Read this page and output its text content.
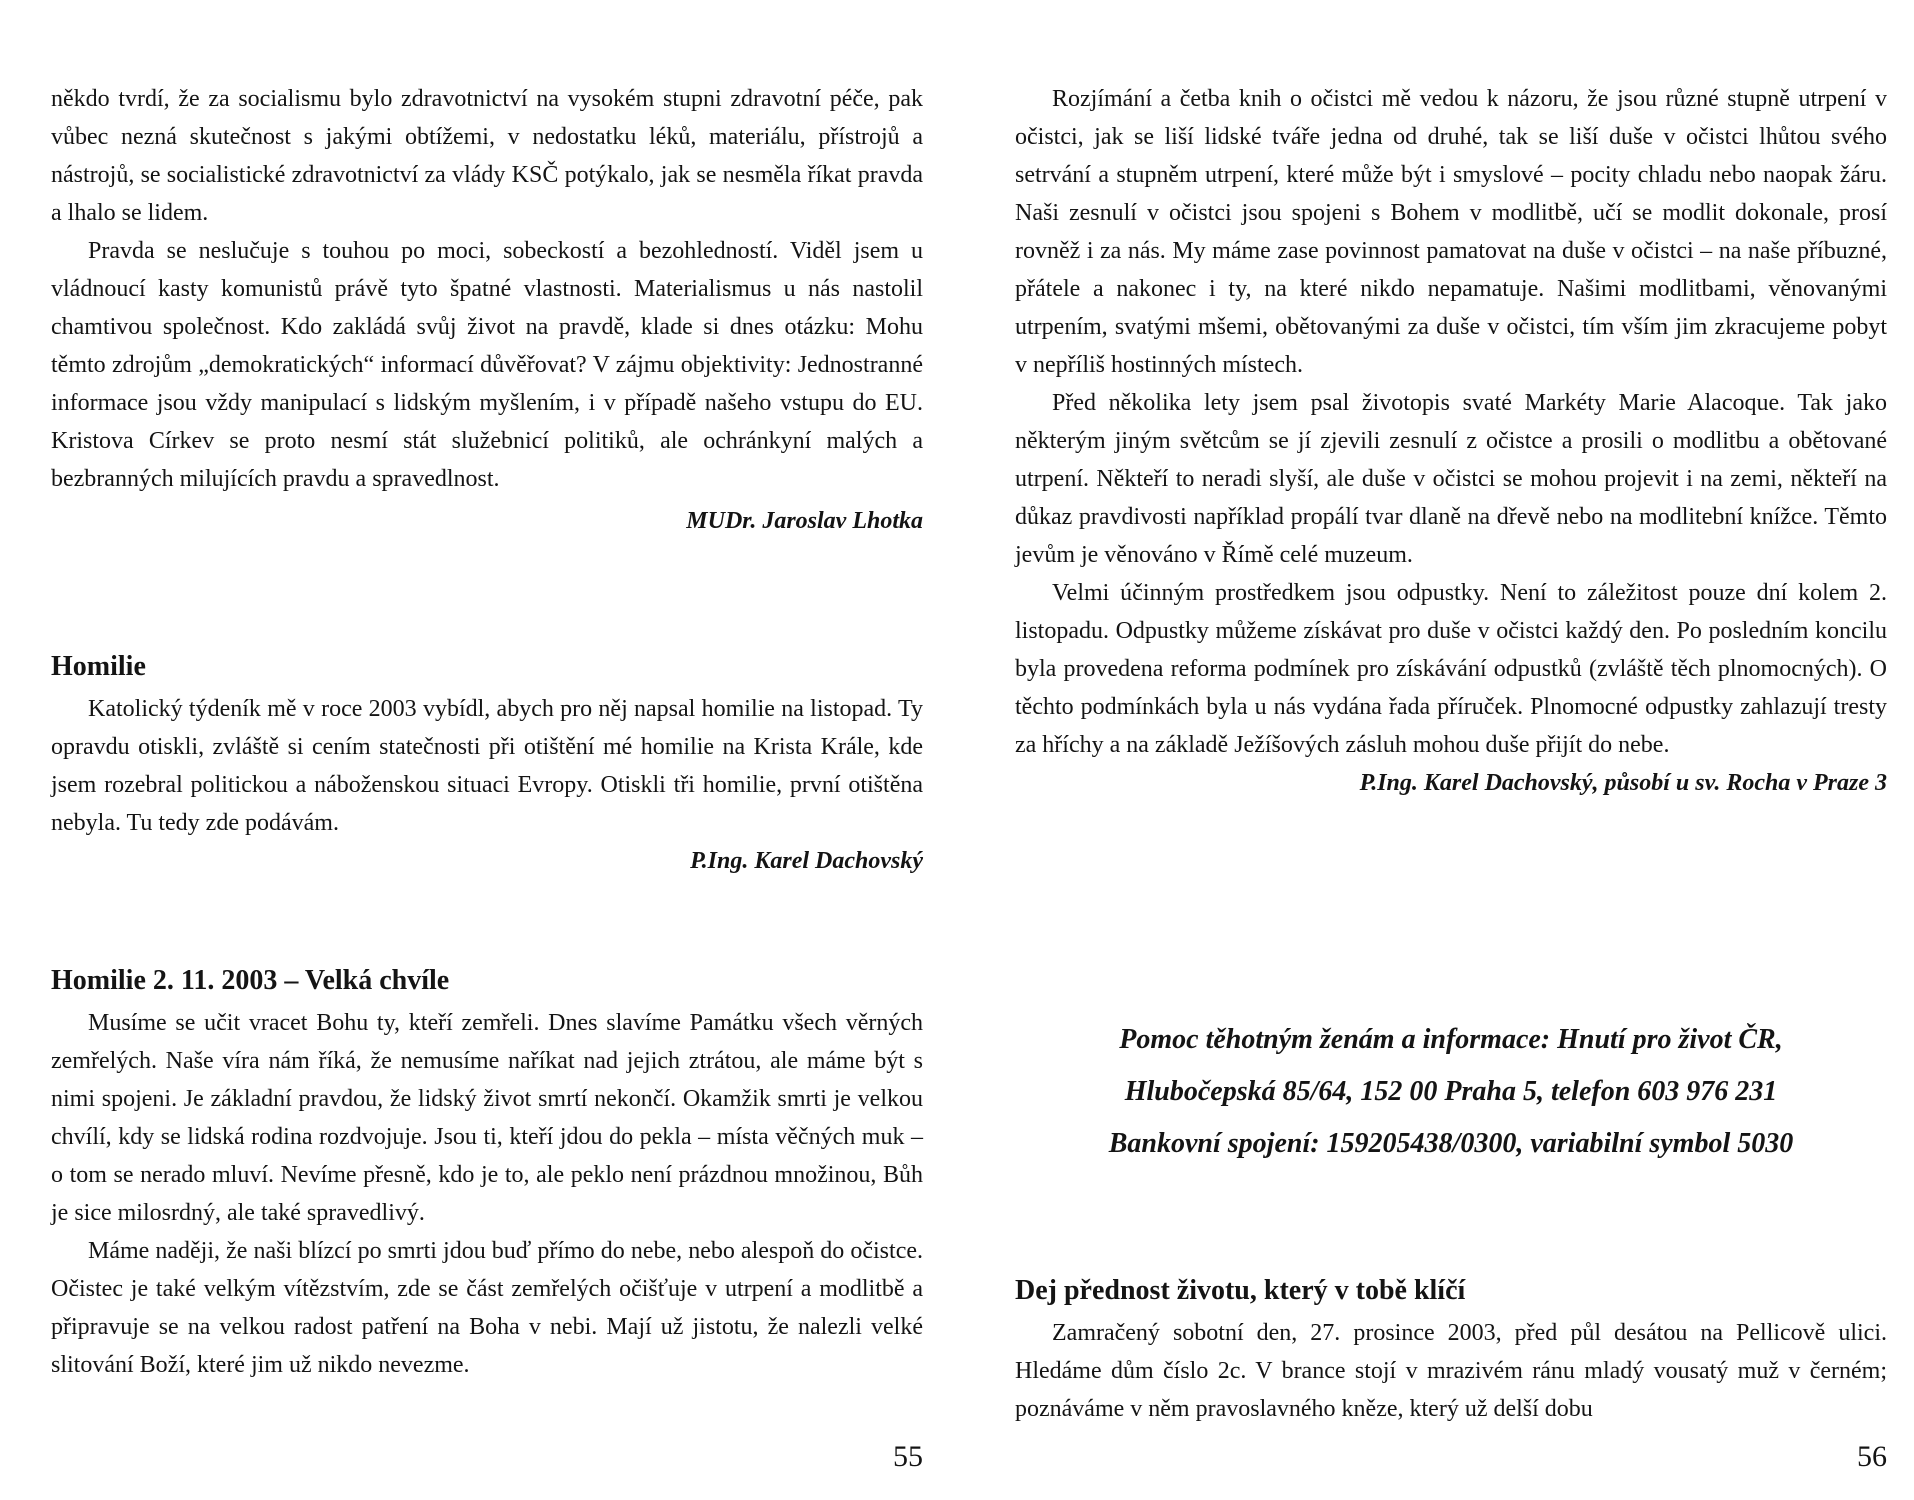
někdo tvrdí, že za socialismu bylo zdravotnictví na vysokém stupni zdravotní péče, pak vůbec nezná skutečnost s jakými obtížemi, v nedostatku léků, materiálu, přístrojů a nástrojů, se socialistické zdravotnictví za vlády KSČ potýkalo, jak se nesměla říkat pravda a lhalo se lidem.

Pravda se neslučuje s touhou po moci, sobeckostí a bezohledností. Viděl jsem u vládnoucí kasty komunistů právě tyto špatné vlastnosti. Materialismus u nás nastolil chamtivou společnost. Kdo zakládá svůj život na pravdě, klade si dnes otázku: Mohu těmto zdrojům „demokratických“ informací důvěřovat? V zájmu objektivity: Jednostranné informace jsou vždy manipulací s lidským myšlením, i v případě našeho vstupu do EU. Kristova Církev se proto nesmí stát služebnicí politiků, ale ochránkyní malých a bezbranných milujících pravdu a spravedlnost.

MUDr. Jaroslav Lhotka
Homilie

Katolický týdeník mě v roce 2003 vybídl, abych pro něj napsal homilie na listopad. Ty opravdu otiskli, zvláště si cením statečnosti při otištění mé homilie na Krista Krále, kde jsem rozebral politickou a náboženskou situaci Evropy. Otiskli tři homilie, první otištěna nebyla. Tu tedy zde podávám.

P.Ing. Karel Dachovský
Homilie 2. 11. 2003 – Velká chvíle

Musíme se učit vracet Bohu ty, kteří zemřeli. Dnes slavíme Památku všech věrných zemřelých. Naše víra nám říká, že nemusíme naříkat nad jejich ztrátou, ale máme být s nimi spojeni. Je základní pravdou, že lidský život smrtí nekončí. Okamžik smrti je velkou chvílí, kdy se lidská rodina rozdvojuje. Jsou ti, kteří jdou do pekla – místa věčných muk – o tom se nerado mluví. Nevíme přesně, kdo je to, ale peklo není prázdnou množinou, Bůh je sice milosrdný, ale také spravedlivý.

Máme naději, že naši blízcí po smrti jdou buď přímo do nebe, nebo alespoň do očistce. Očistec je také velkým vítězstvím, zde se část zemřelých očišťuje v utrpení a modlitbě a připravuje se na velkou radost patření na Boha v nebi. Mají už jistotu, že nalezli velké slitování Boží, které jim už nikdo nevezme.

55

Rozjímání a četba knih o očistci mě vedou k názoru, že jsou různé stupně utrpení v očistci, jak se liší lidské tváře jedna od druhé, tak se liší duše v očistci lhůtou svého setrvání a stupněm utrpení, které může být i smyslové – pocity chladu nebo naopak žáru. Naši zesnulí v očistci jsou spojeni s Bohem v modlitbě, učí se modlit dokonale, prosí rovněž i za nás. My máme zase povinnost pamatovat na duše v očistci – na naše příbuzné, přátele a nakonec i ty, na které nikdo nepamatuje. Našimi modlitbami, věnovanými utrpením, svatými mšemi, obětovanými za duše v očistci, tím vším jim zkracujeme pobyt v nepříliš hostinných místech.

Před několika lety jsem psal životopis svaté Markéty Marie Alacoque. Tak jako některým jiným světcům se jí zjevili zesnulí z očistce a prosili o modlitbu a obětované utrpení. Někteří to neradi slyší, ale duše v očistci se mohou projevit i na zemi, někteří na důkaz pravdivosti například propálí tvar dlaně na dřevě nebo na modlitební knížce. Těmto jevům je věnováno v Římě celé muzeum.

Velmi účinným prostředkem jsou odpustky. Není to záležitost pouze dní kolem 2. listopadu. Odpustky můžeme získávat pro duše v očistci každý den. Po posledním koncilu byla provedena reforma podmínek pro získávání odpustků (zvláště těch plnomocných). O těchto podmínkách byla u nás vydána řada příruček. Plnomocné odpustky zahlazují tresty za hříchy a na základě Ježíšových zásluh mohou duše přijít do nebe.

P.Ing. Karel Dachovský, působí u sv. Rocha v Praze 3
Pomoc těhotným ženám a informace: Hnutí pro život ČR,
Hlubočepská 85/64, 152 00 Praha 5, telefon 603 976 231
Bankovní spojení: 159205438/0300, variabilní symbol 5030
Dej přednost životu, který v tobě klíčí

Zamračený sobotní den, 27. prosince 2003, před půl desátou na Pellicově ulici. Hledáme dům číslo 2c. V brance stojí v mrazivém ránu mladý vousatý muž v černém; poznáváme v něm pravoslavného kněze, který už delší dobu

56
